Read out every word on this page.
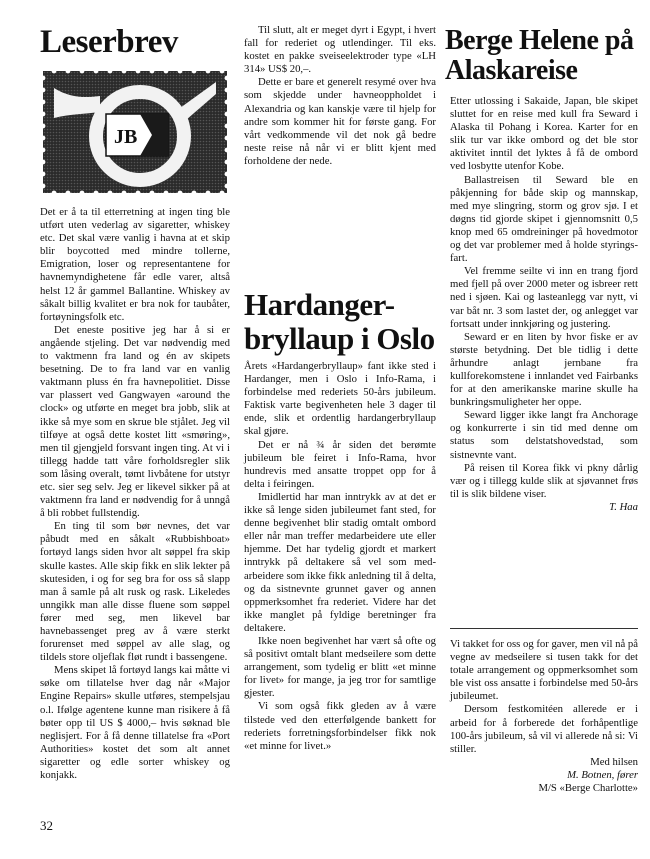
Leserbrev
JB

Det er å ta til etterretning at ingen ting ble utført uten vederlag av sigaretter, whiskey etc. Det skal være vanlig i havna at et skip blir boycotted med mindre tollerne, Emigration, loser og representantene for havnemyndighetene får edle varer, altså helst 12 år gammel Ballantine. Whiskey av såkalt billig kvalitet er bra nok for taubåter, fortøyningsfolk etc.

Det eneste positive jeg har å si er angående stjeling. Det var nødvendig med to vaktmenn fra land og én av skipets besetning. De to fra land var en vanlig vaktmann pluss én fra havnepolitiet. Disse var plassert ved Gangwayen «around the clock» og utførte en meget bra jobb, slik at ikke så mye som en skrue ble stjålet. Jeg vil tilføye at også dette kostet litt «smøring», men til gjengjeld forsvant ingen ting. At vi i tillegg hadde tatt våre forholdsregler slik som låsing overalt, tømt livbåtene for utstyr etc. sier seg selv. Jeg er likevel sikker på at vaktmenn fra land er nødvendig for å unngå å bli robbet fullstendig.

En ting til som bør nevnes, det var påbudt med en såkalt «Rubbishboat» fortøyd langs siden hvor alt søppel fra skip skulle kastes. Alle skip fikk en slik lekter på skutesiden, i og for seg bra for oss så slapp man å samle på alt rusk og rask. Likeledes unngikk man alle disse fluene som søppel fører med seg, men likevel bar havnebassenget preg av å være sterkt forurenset med søppel av alle slag, og tildels store oljeflak fløt rundt i bassengene.

Mens skipet lå fortøyd langs kai måtte vi søke om tillatelse hver dag når «Major Engine Repairs» skulle utføres, stempelsjau o.l. Ifølge agentene kunne man risikere å få bøter opp til US $ 4000,– hvis søknad ble neglisjert. For å få denne tillatelse fra «Port Authorities» kostet det som alt annet sigaretter og edle sorter whiskey og konjakk.

Til slutt, alt er meget dyrt i Egypt, i hvert fall for rederiet og utlendinger. Til eks. kostet en pakke sveiseelektroder type «LH 314» US$ 20,–.

Dette er bare et generelt resymé over hva som skjedde under havneoppholdet i Alexandria og kan kanskje være til hjelp for andre som kommer hit for første gang. For vårt vedkommende vil det nok gå bedre neste reise nå når vi er blitt kjent med forholdene der nede.

Hardanger-bryllaup i Oslo

Årets «Hardangerbryllaup» fant ikke sted i Hardanger, men i Oslo i Info-Rama, i forbindelse med rederiets 50-års jubileum. Faktisk varte begivenheten hele 3 dager til ende, slik et ordentlig hardangerbryllaup skal gjøre.

Det er nå ¾ år siden det berømte jubileum ble feiret i Info-Rama, hvor hundrevis med ansatte troppet opp for å delta i feiringen.

Imidlertid har man inntrykk av at det er ikke så lenge siden jubileumet fant sted, for denne begivenhet blir stadig omtalt ombord eller når man treffer medarbeidere ute eller hjemme. Det har tydelig gjordt et markert inntrykk på deltakere så vel som medarbeidere som ikke fikk anledning til å delta, og da sistnevnte grunnet gaver og annen oppmerksomhet fra rederiet. Videre har det ikke manglet på fyldige beretninger fra deltakere.

Ikke noen begivenhet har vært så ofte og så positivt omtalt blant medseilere som dette arrangement, som tydelig er blitt «et minne for livet» for mange, ja jeg tror for samtlige gjester.

Vi som også fikk gleden av å være tilstede ved den etterfølgende bankett for rederiets forretningsforbindelser fikk nok «et minne for livet.»

Berge Helene på Alaskareise

Etter utlossing i Sakaide, Japan, ble skipet sluttet for en reise med kull fra Seward i Alaska til Pohang i Korea. Karter for en slik tur var ikke ombord og det ble stor aktivitet inntil det lyktes å få de ombord ved losbytte utenfor Kobe.

Ballastreisen til Seward ble en påkjenning for både skip og mannskap, med mye slingring, storm og grov sjø. I et døgns tid gjorde skipet i gjennomsnitt 0,5 knop med 65 omdreininger på hovedmotor og det var problemer med å holde styringsfart.

Vel fremme seilte vi inn en trang fjord med fjell på over 2000 meter og isbreer rett ned i sjøen. Kai og lasteanlegg var nytt, vi var båt nr. 3 som lastet der, og anlegget var fortsatt under innkjøring og justering.

Seward er en liten by hvor fiske er av største betydning. Det ble tidlig i dette århundre anlagt jernbane fra kullforekomstene i innlandet ved Fairbanks for at den amerikanske marine skulle ha bunkringsmuligheter her oppe.

Seward ligger ikke langt fra Anchorage og konkurrerte i sin tid med denne om status som delstatshovedstad, som sistnevnte vant.

På reisen til Korea fikk vi pkny dårlig vær og i tillegg kulde slik at sjøvannet frøs til is slik bildene viser.

T. Haa

Vi takket for oss og for gaver, men vil nå på vegne av medseilere si tusen takk for det totale arrangement og oppmerksomhet som ble vist oss ansatte i forbindelse med 50-års jubileumet.

Dersom festkomitéen allerede er i arbeid for å forberede det forhåpentlige 100-års jubileum, så vil vi allerede nå si: Vi stiller.

Med hilsen

M. Botnen, fører

M/S «Berge Charlotte»

32
